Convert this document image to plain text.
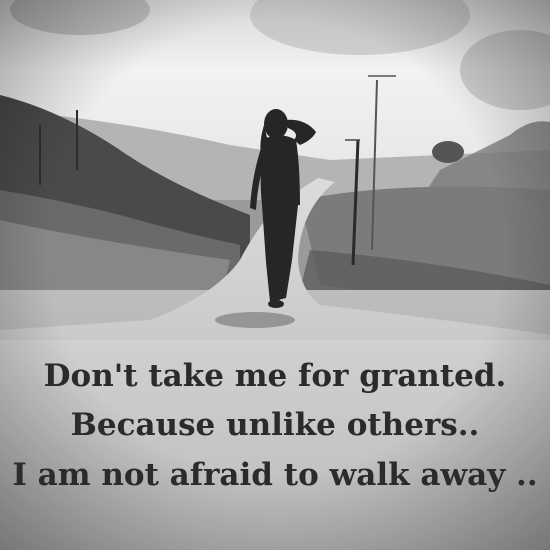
Don't take me for granted.
Because unlike others..
I am not afraid to walk away ..
